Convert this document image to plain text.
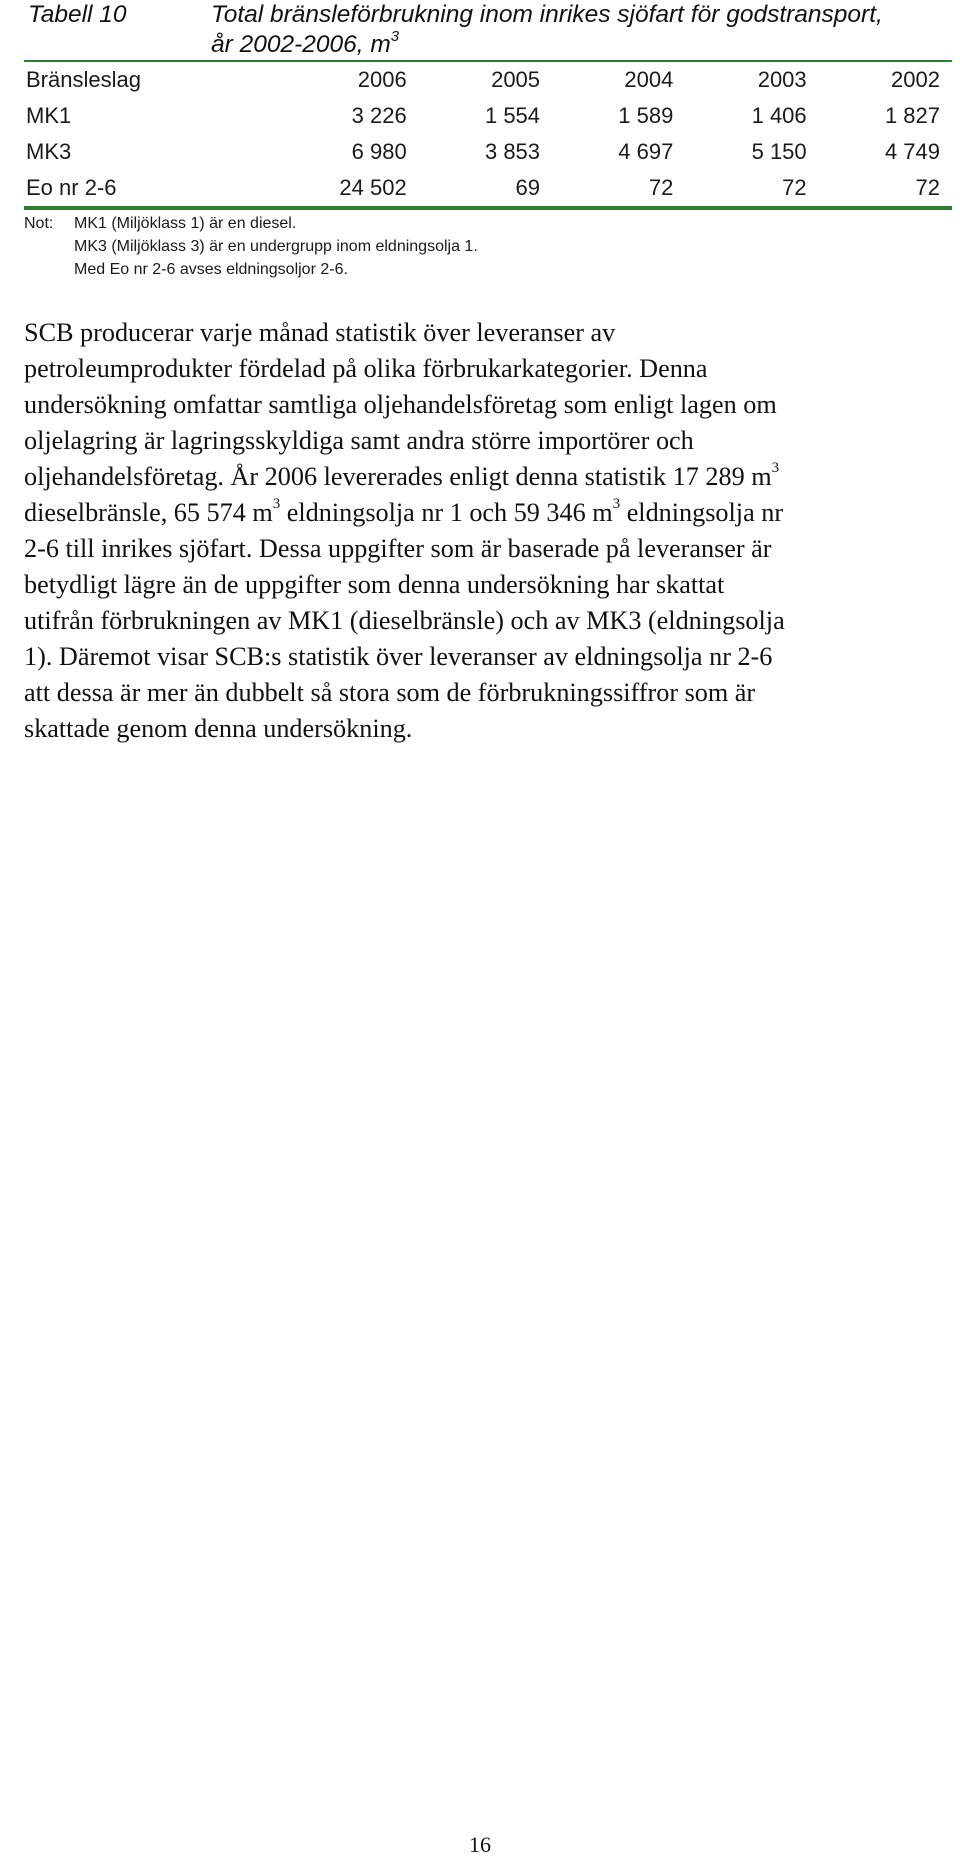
Tabell 10	Total bränsleförbrukning inom inrikes sjöfart för godstransport,
år 2002-2006, $m^3$
Bränsleslag	2006	2005	2004	2003	2002
MK1	3 226	1 554	1 589	1 406	1 827
MK3	6 980	3 853	4 697	5 150	4 749
Eo nr 2-6	24 502	69	72	72	72
Not: MK1 (Miljöklass 1) är en diesel.
MK3 (Miljöklass 3) är en undergrupp inom eldningsolja 1.
Med Eo nr 2-6 avses eldningsoljor 2-6.
SCB producerar varje månad statistik över leveranser av
petroleumprodukter fördelad på olika förbrukarkategorier. Denna
undersökning omfattar samtliga oljehandelsföretag som enligt lagen om
oljelagring är lagringsskyldiga samt andra större importörer och
oljehandelsföretag. År 2006 levererades enligt denna statistik 17 289 $m^3$
dieselbränsle, 65 574 $m^3$ eldningsolja nr 1 och 59 346 $m^3$ eldningsolja nr
2-6 till inrikes sjöfart. Dessa uppgifter som är baserade på leveranser är
betydligt lägre än de uppgifter som denna undersökning har skattat
utifrån förbrukningen av MK1 (dieselbränsle) och av MK3 (eldningsolja
1). Däremot visar SCB:s statistik över leveranser av eldningsolja nr 2-6
att dessa är mer än dubbelt så stora som de förbrukningssiffror som är
skattade genom denna undersökning.
16
